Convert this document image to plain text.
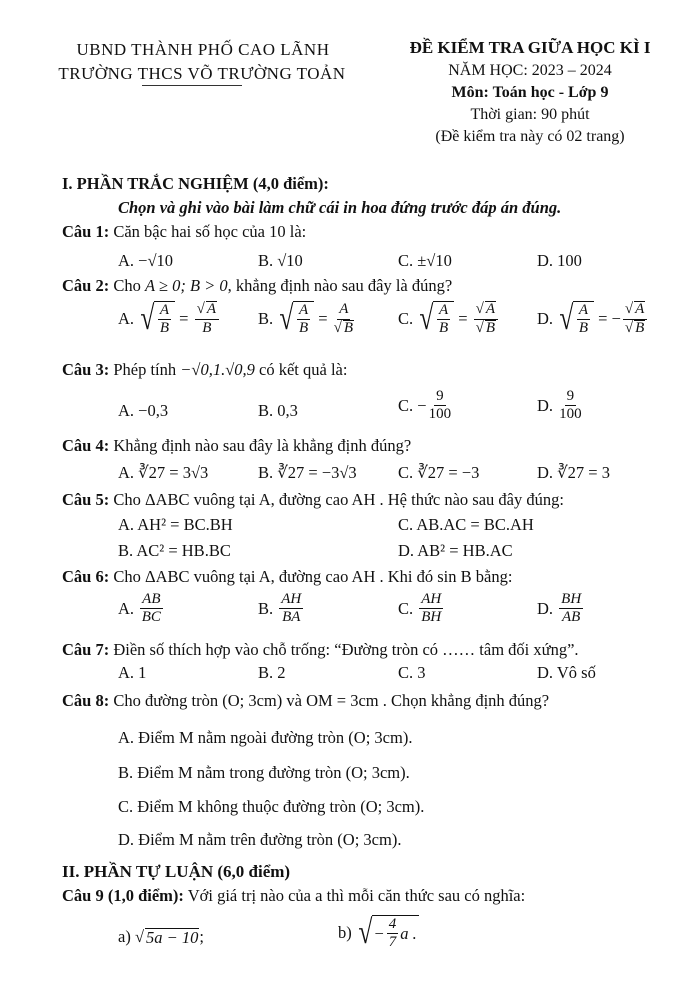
UBND THÀNH PHỐ CAO LÃNH
TRƯỜNG THCS VÕ TRƯỜNG TOẢN
ĐỀ KIỂM TRA GIỮA HỌC KÌ I
NĂM HỌC: 2023 – 2024
Môn: Toán học - Lớp 9
Thời gian: 90 phút
(Đề kiểm tra này có 02 trang)
I. PHẦN TRẮC NGHIỆM (4,0 điểm):
Chọn và ghi vào bài làm chữ cái in hoa đứng trước đáp án đúng.
Câu 1: Căn bậc hai số học của 10 là:
A. −√10	B. √10	C. ±√10	D. 100
Câu 2: Cho A ≥ 0; B > 0, khẳng định nào sau đây là đúng?
A.
√ $\frac{A}{B} = \frac{√ A}{B} B$.
√ $\frac{A}{B} = \frac{A}{√ B}$	C.
√ $\frac{A}{B} = \frac{√ A}{√ B} D$.
√ $\frac{A}{B}$ = − $\frac{√ A}{√ B}$
Câu 3: Phép tính −√0,1.√0,9 có kết quả là:
A. −0,3	B. 0,3	C. − $\frac{9}{100}$	D.
$\frac{9}{100}$
Câu 4: Khẳng định nào sau đây là khẳng định đúng?
A. ∛27 = 3√3	B. ∛27 = −3√3	C. ∛27 = −3	D. ∛27 = 3
Câu 5: Cho ΔABC vuông tại A, đường cao AH . Hệ thức nào sau đây đúng:
A. AH² = BC.BH	C. AB.AC = BC.AH
B. AC² = HB.BC	D. AB² = HB.AC
Câu 6: Cho ΔABC vuông tại A, đường cao AH . Khi đó sin B bằng:
A.
$\frac{AB}{BC}$	B.
$\frac{AH}{BA}$	C.
$\frac{AH}{BH}$	D.
$\frac{BH}{AB}$
Câu 7: Điền số thích hợp vào chỗ trống: “Đường tròn có …… tâm đối xứng”.
A. 1	B. 2	C. 3	D. Vô số
Câu 8: Cho đường tròn (O; 3cm) và OM = 3cm . Chọn khẳng định đúng?
A. Điểm M nằm ngoài đường tròn (O; 3cm).
B. Điểm M nằm trong đường tròn (O; 3cm).
C. Điểm M không thuộc đường tròn (O; 3cm).
D. Điểm M nằm trên đường tròn (O; 3cm).
II. PHẦN TỰ LUẬN (6,0 điểm)
Câu 9 (1,0 điểm): Với giá trị nào của a thì mỗi căn thức sau có nghĩa:
a)
√ 5a − 10 ;	b)
√ − $\frac{4}{7}$ a .
